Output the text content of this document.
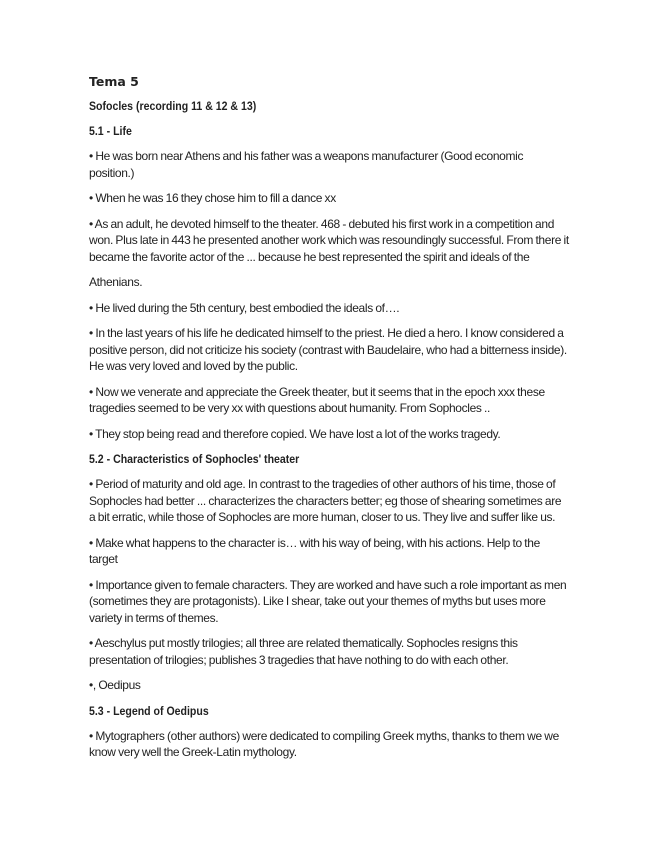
Tema 5
Sofocles (recording 11 & 12 & 13)
5.1 - Life

• He was born near Athens and his father was a weapons manufacturer (Good economic position.)

• When he was 16 they chose him to fill a dance xx

• As an adult, he devoted himself to the theater. 468 - debuted his first work in a competition and won. Plus late in 443 he presented another work which was resoundingly successful. From there it became the favorite actor of the ... because he best represented the spirit and ideals of the

Athenians.

• He lived during the 5th century, best embodied the ideals of….

• In the last years of his life he dedicated himself to the priest. He died a hero. I know considered a positive person, did not criticize his society (contrast with Baudelaire, who had a bitterness inside). He was very loved and loved by the public.

• Now we venerate and appreciate the Greek theater, but it seems that in the epoch xxx these tragedies seemed to be very xx with questions about humanity. From Sophocles ..

• They stop being read and therefore copied. We have lost a lot of the works tragedy.

5.2 - Characteristics of Sophocles' theater

• Period of maturity and old age. In contrast to the tragedies of other authors of his time, those of Sophocles had better ... characterizes the characters better; eg those of shearing sometimes are a bit erratic, while those of Sophocles are more human, closer to us. They live and suffer like us.

• Make what happens to the character is… with his way of being, with his actions. Help to the target

• Importance given to female characters. They are worked and have such a role important as men (sometimes they are protagonists). Like I shear, take out your themes of myths but uses more variety in terms of themes.

• Aeschylus put mostly trilogies; all three are related thematically. Sophocles resigns this presentation of trilogies; publishes 3 tragedies that have nothing to do with each other.

•, Oedipus

5.3 - Legend of Oedipus

• Mytographers (other authors) were dedicated to compiling Greek myths, thanks to them we we know very well the Greek-Latin mythology.
